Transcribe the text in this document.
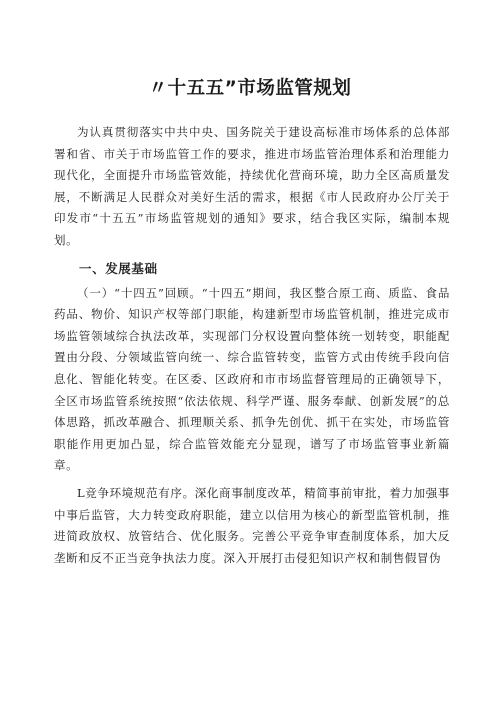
〃十五五”市场监管规划

为认真贯彻落实中共中央、国务院关于建设高标准市场体系的总体部署和省、市关于市场监管工作的要求，推进市场监管治理体系和治理能力现代化，全面提升市场监管效能，持续优化营商环境，助力全区高质量发展，不断满足人民群众对美好生活的需求，根据《市人民政府办公厅关于印发市“十五五”市场监管规划的通知》要求，结合我区实际，编制本规划。

一、发展基础

（一）“十四五”回顾。“十四五”期间，我区整合原工商、质监、食品药品、物价、知识产权等部门职能，构建新型市场监管机制，推进完成市场监管领域综合执法改革，实现部门分权设置向整体统一划转变，职能配置由分段、分领域监管向统一、综合监管转变，监管方式由传统手段向信息化、智能化转变。在区委、区政府和市市场监督管理局的正确领导下，全区市场监管系统按照“依法依规、科学严谨、服务奉献、创新发展”的总体思路，抓改革融合、抓理顺关系、抓争先创优、抓干在实处，市场监管职能作用更加凸显，综合监管效能充分显现，谱写了市场监管事业新篇章。

L竞争环境规范有序。深化商事制度改革，精简事前审批，着力加强事中事后监管，大力转变政府职能，建立以信用为核心的新型监管机制，推进简政放权、放管结合、优化服务。完善公平竞争审查制度体系，加大反垄断和反不正当竞争执法力度。深入开展打击侵犯知识产权和制售假冒伪
